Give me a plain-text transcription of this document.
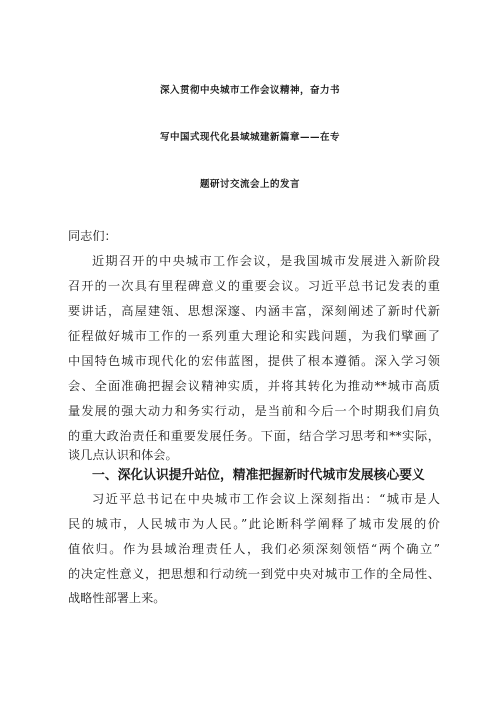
深入贯彻中央城市工作会议精神，奋力书
写中国式现代化县域城建新篇章——在专
题研讨交流会上的发言
同志们：
近期召开的中央城市工作会议，是我国城市发展进入新阶段
召开的一次具有里程碑意义的重要会议。习近平总书记发表的重
要讲话，高屋建瓴、思想深邃、内涵丰富，深刻阐述了新时代新
征程做好城市工作的一系列重大理论和实践问题，为我们擘画了
中国特色城市现代化的宏伟蓝图，提供了根本遵循。深入学习领
会、全面准确把握会议精神实质，并将其转化为推动**城市高质
量发展的强大动力和务实行动，是当前和今后一个时期我们肩负
的重大政治责任和重要发展任务。下面，结合学习思考和**实际，
谈几点认识和体会。
一、深化认识提升站位，精准把握新时代城市发展核心要义
习近平总书记在中央城市工作会议上深刻指出：“城市是人
民的城市，人民城市为人民。”此论断科学阐释了城市发展的价
值依归。作为县域治理责任人，我们必须深刻领悟“两个确立”
的决定性意义，把思想和行动统一到党中央对城市工作的全局性、
战略性部署上来。
